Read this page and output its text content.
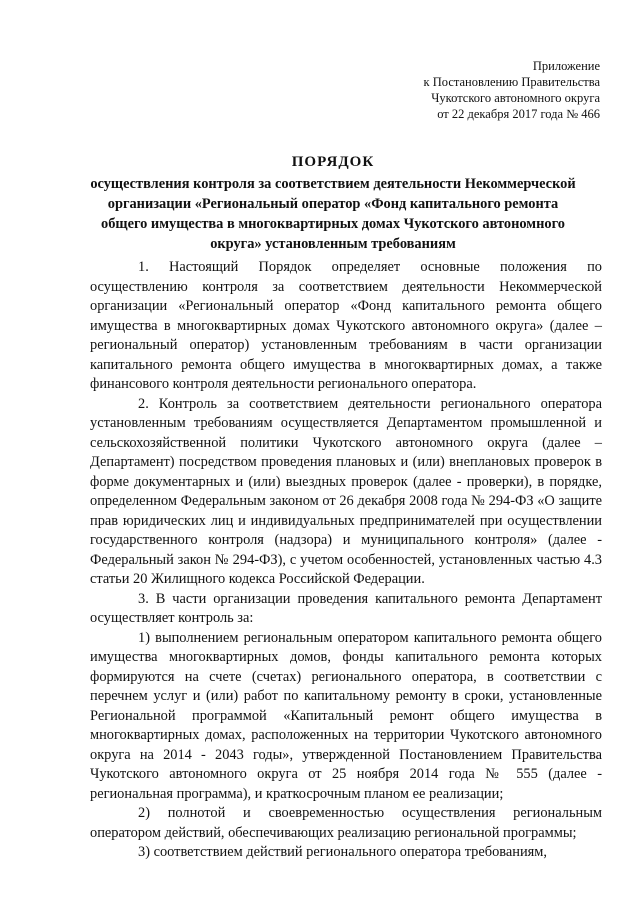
Приложение
к Постановлению Правительства
Чукотского автономного округа
от 22 декабря 2017 года № 466
ПОРЯДОК
осуществления контроля за соответствием деятельности Некоммерческой организации «Региональный оператор «Фонд капитального ремонта общего имущества в многоквартирных домах Чукотского автономного округа» установленным требованиям

1. Настоящий Порядок определяет основные положения по осуществлению контроля за соответствием деятельности Некоммерческой организации «Региональный оператор «Фонд капитального ремонта общего имущества в многоквартирных домах Чукотского автономного округа» (далее – региональный оператор) установленным требованиям в части организации капитального ремонта общего имущества в многоквартирных домах, а также финансового контроля деятельности регионального оператора.

2. Контроль за соответствием деятельности регионального оператора установленным требованиям осуществляется Департаментом промышленной и сельскохозяйственной политики Чукотского автономного округа (далее – Департамент) посредством проведения плановых и (или) внеплановых проверок в форме документарных и (или) выездных проверок (далее - проверки), в порядке, определенном Федеральным законом от 26 декабря 2008 года № 294-ФЗ «О защите прав юридических лиц и индивидуальных предпринимателей при осуществлении государственного контроля (надзора) и муниципального контроля» (далее - Федеральный закон № 294-ФЗ), с учетом особенностей, установленных частью 4.3 статьи 20 Жилищного кодекса Российской Федерации.

3. В части организации проведения капитального ремонта Департамент осуществляет контроль за:

1) выполнением региональным оператором капитального ремонта общего имущества многоквартирных домов, фонды капитального ремонта которых формируются на счете (счетах) регионального оператора, в соответствии с перечнем услуг и (или) работ по капитальному ремонту в сроки, установленные Региональной программой «Капитальный ремонт общего имущества в многоквартирных домах, расположенных на территории Чукотского автономного округа на 2014 - 2043 годы», утвержденной Постановлением Правительства Чукотского автономного округа от 25 ноября 2014 года № 555 (далее - региональная программа), и краткосрочным планом ее реализации;

2) полнотой и своевременностью осуществления региональным оператором действий, обеспечивающих реализацию региональной программы;

3) соответствием действий регионального оператора требованиям,
